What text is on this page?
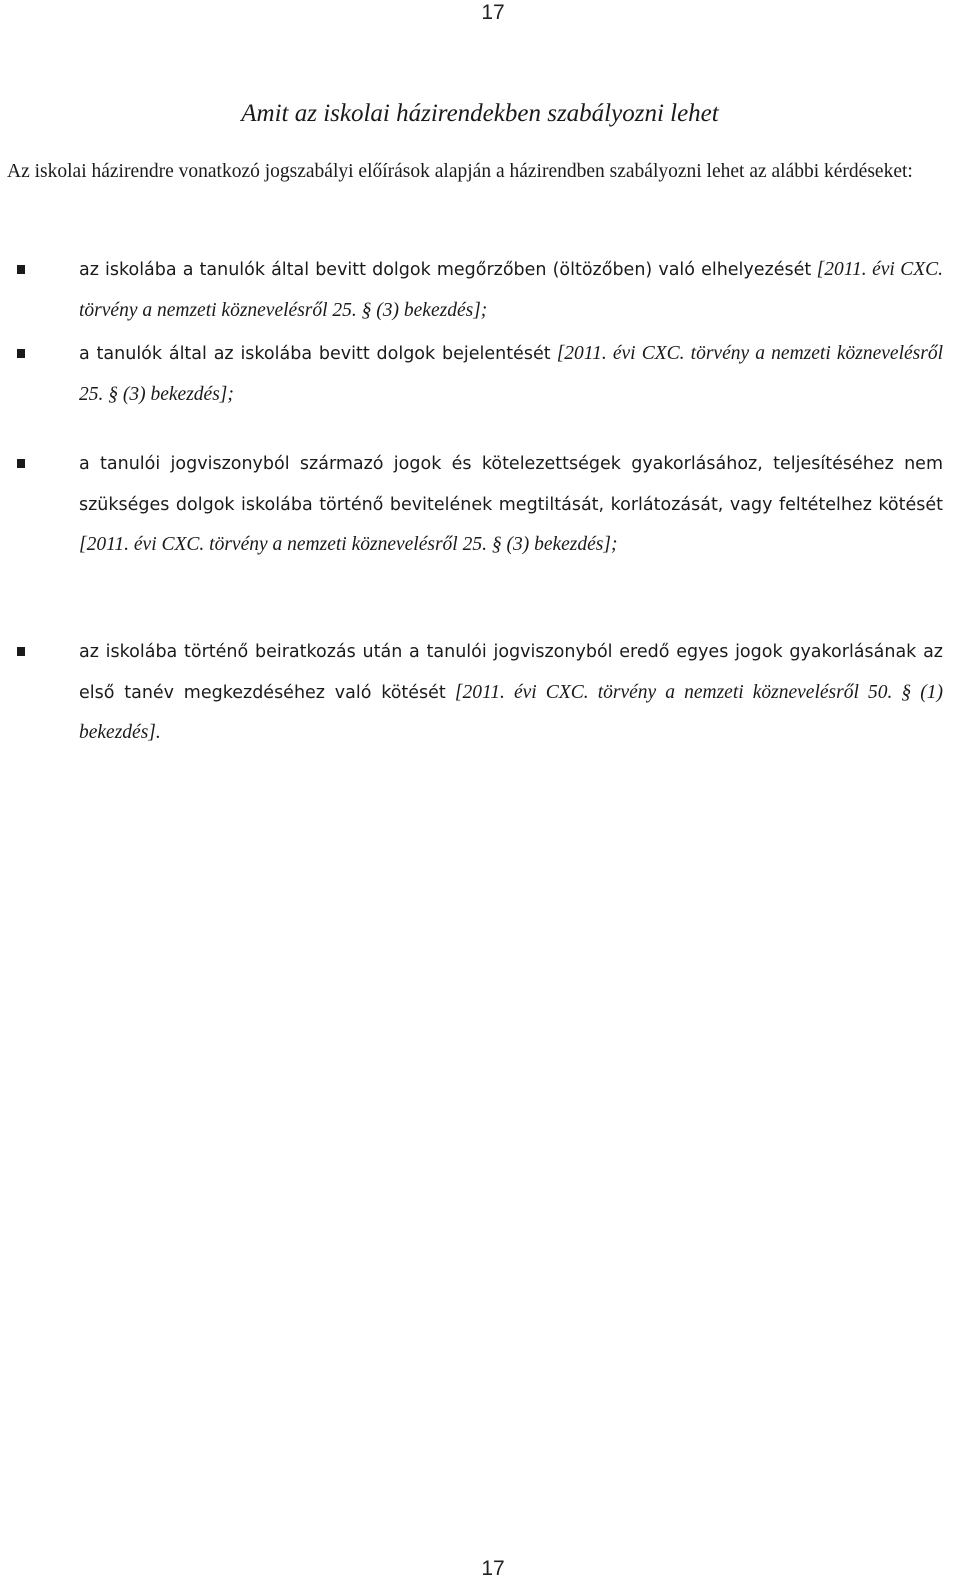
17
Amit az iskolai házirendekben szabályozni lehet

Az iskolai házirendre vonatkozó jogszabályi előírások alapján a házirendben szabályozni lehet az alábbi kérdéseket:

az iskolába a tanulók által bevitt dolgok megőrzőben (öltözőben) való elhelyezését [2011. évi CXC. törvény a nemzeti köznevelésről 25. § (3) bekezdés];

a tanulók által az iskolába bevitt dolgok bejelentését [2011. évi CXC. törvény a nemzeti köznevelésről 25. § (3) bekezdés];

a tanulói jogviszonyból származó jogok és kötelezettségek gyakorlásához, teljesítéséhez nem szükséges dolgok iskolába történő bevitelének megtiltását, korlátozását, vagy feltételhez kötését [2011. évi CXC. törvény a nemzeti köznevelésről 25. § (3) bekezdés];

az iskolába történő beiratkozás után a tanulói jogviszonyból eredő egyes jogok gyakorlásának az első tanév megkezdéséhez való kötését [2011. évi CXC. törvény a nemzeti köznevelésről 50. § (1) bekezdés].

17
